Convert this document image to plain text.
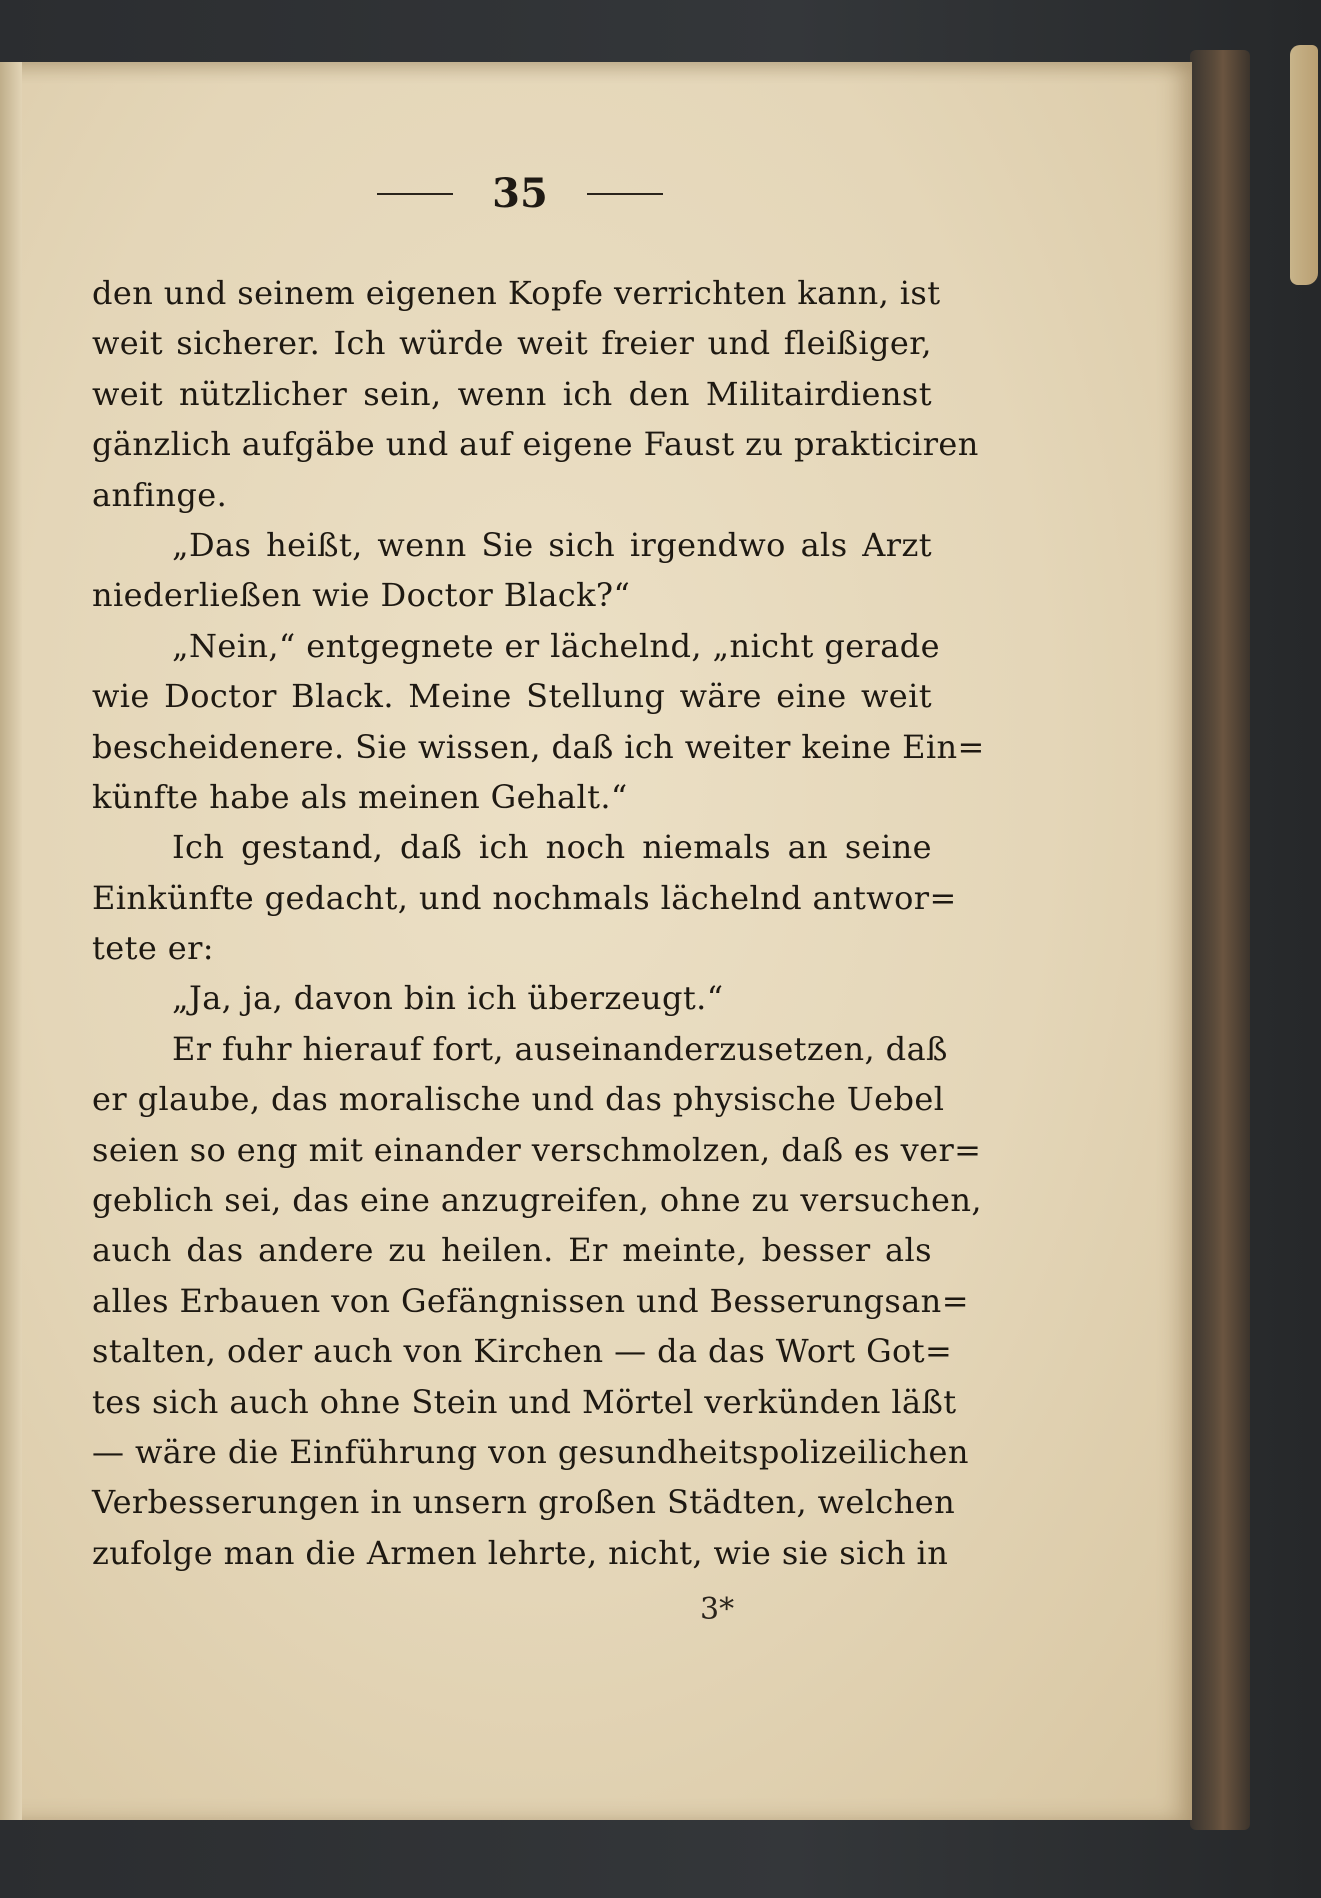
35
den und seinem eigenen Kopfe verrichten kann, ist
weit sicherer. Ich würde weit freier und fleißiger,
weit nützlicher sein, wenn ich den Militairdienst
gänzlich aufgäbe und auf eigene Faust zu prakticiren
anfinge.
„Das heißt, wenn Sie sich irgendwo als Arzt
niederließen wie Doctor Black?“
„Nein,“ entgegnete er lächelnd, „nicht gerade
wie Doctor Black. Meine Stellung wäre eine weit
bescheidenere. Sie wissen, daß ich weiter keine Ein=
künfte habe als meinen Gehalt.“
Ich gestand, daß ich noch niemals an seine
Einkünfte gedacht, und nochmals lächelnd antwor=
tete er:
„Ja, ja, davon bin ich überzeugt.“
Er fuhr hierauf fort, auseinanderzusetzen, daß
er glaube, das moralische und das physische Uebel
seien so eng mit einander verschmolzen, daß es ver=
geblich sei, das eine anzugreifen, ohne zu versuchen,
auch das andere zu heilen. Er meinte, besser als
alles Erbauen von Gefängnissen und Besserungsan=
stalten, oder auch von Kirchen — da das Wort Got=
tes sich auch ohne Stein und Mörtel verkünden läßt
— wäre die Einführung von gesundheitspolizeilichen
Verbesserungen in unsern großen Städten, welchen
zufolge man die Armen lehrte, nicht, wie sie sich in
3*
